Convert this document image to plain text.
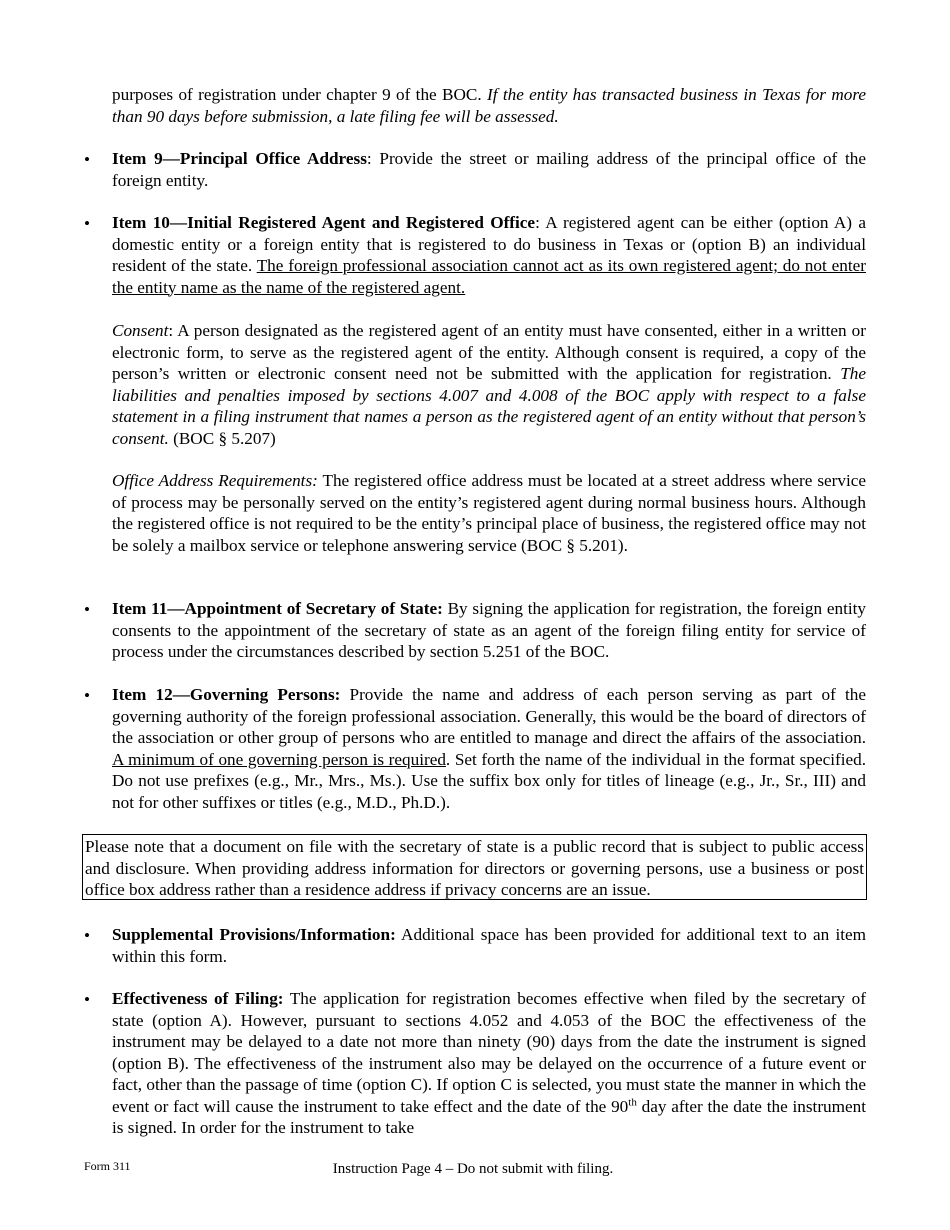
purposes of registration under chapter 9 of the BOC. If the entity has transacted business in Texas for more than 90 days before submission, a late filing fee will be assessed.

• Item 9—Principal Office Address: Provide the street or mailing address of the principal office of the foreign entity.

• Item 10—Initial Registered Agent and Registered Office: A registered agent can be either (option A) a domestic entity or a foreign entity that is registered to do business in Texas or (option B) an individual resident of the state. The foreign professional association cannot act as its own registered agent; do not enter the entity name as the name of the registered agent.

Consent: A person designated as the registered agent of an entity must have consented, either in a written or electronic form, to serve as the registered agent of the entity. Although consent is required, a copy of the person’s written or electronic consent need not be submitted with the application for registration. The liabilities and penalties imposed by sections 4.007 and 4.008 of the BOC apply with respect to a false statement in a filing instrument that names a person as the registered agent of an entity without that person’s consent. (BOC § 5.207)

Office Address Requirements: The registered office address must be located at a street address where service of process may be personally served on the entity’s registered agent during normal business hours. Although the registered office is not required to be the entity’s principal place of business, the registered office may not be solely a mailbox service or telephone answering service (BOC § 5.201).

• Item 11—Appointment of Secretary of State: By signing the application for registration, the foreign entity consents to the appointment of the secretary of state as an agent of the foreign filing entity for service of process under the circumstances described by section 5.251 of the BOC.

• Item 12—Governing Persons: Provide the name and address of each person serving as part of the governing authority of the foreign professional association. Generally, this would be the board of directors of the association or other group of persons who are entitled to manage and direct the affairs of the association. A minimum of one governing person is required. Set forth the name of the individual in the format specified. Do not use prefixes (e.g., Mr., Mrs., Ms.). Use the suffix box only for titles of lineage (e.g., Jr., Sr., III) and not for other suffixes or titles (e.g., M.D., Ph.D.).

Please note that a document on file with the secretary of state is a public record that is subject to public access and disclosure. When providing address information for directors or governing persons, use a business or post office box address rather than a residence address if privacy concerns are an issue.

• Supplemental Provisions/Information: Additional space has been provided for additional text to an item within this form.

• Effectiveness of Filing: The application for registration becomes effective when filed by the secretary of state (option A). However, pursuant to sections 4.052 and 4.053 of the BOC the effectiveness of the instrument may be delayed to a date not more than ninety (90) days from the date the instrument is signed (option B). The effectiveness of the instrument also may be delayed on the occurrence of a future event or fact, other than the passage of time (option C). If option C is selected, you must state the manner in which the event or fact will cause the instrument to take effect and the date of the 90th day after the date the instrument is signed. In order for the instrument to take

Form 311	Instruction Page 4 – Do not submit with filing.
